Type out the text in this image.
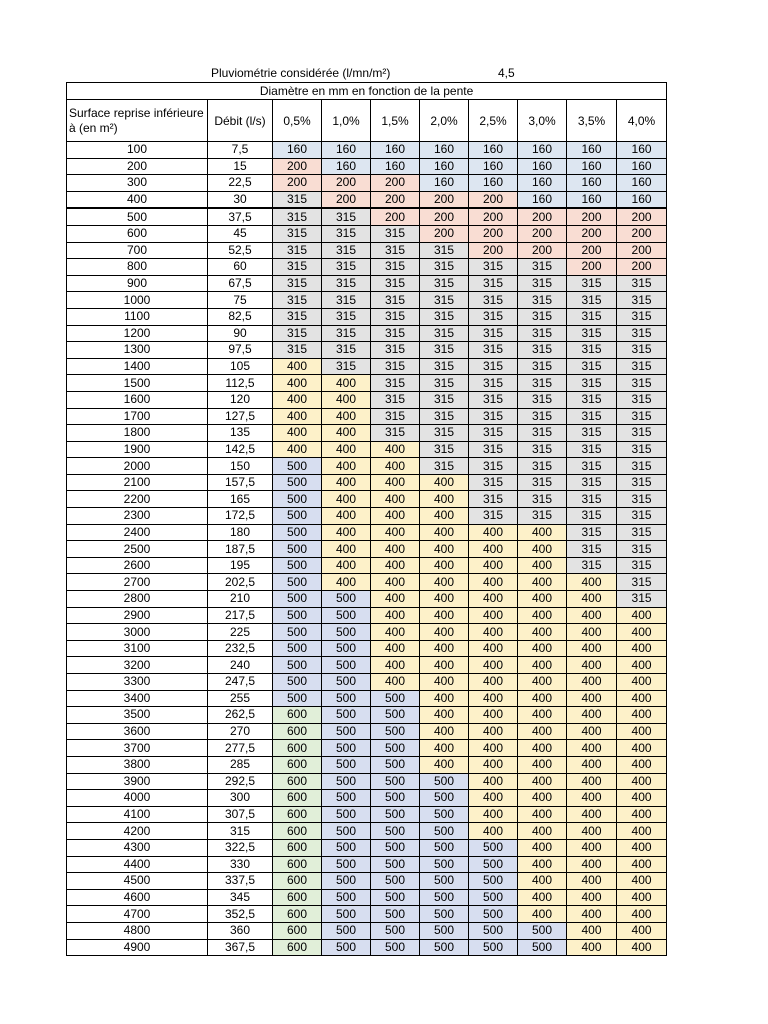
Pluviométrie considérée (l/mn/m²)	4,5
Diamètre en mm en fonction de la pente									
Surface reprise inférieure à (en m²)	Débit (l/s)	0,5%	1,0%	1,5%	2,0%	2,5%	3,0%	3,5%	4,0%
100	7,5	160	160	160	160	160	160	160	160
200	15	200	160	160	160	160	160	160	160
300	22,5	200	200	200	160	160	160	160	160
400	30	315	200	200	200	200	160	160	160
500	37,5	315	315	200	200	200	200	200	200
600	45	315	315	315	200	200	200	200	200
700	52,5	315	315	315	315	200	200	200	200
800	60	315	315	315	315	315	315	200	200
900	67,5	315	315	315	315	315	315	315	315
1000	75	315	315	315	315	315	315	315	315
1100	82,5	315	315	315	315	315	315	315	315
1200	90	315	315	315	315	315	315	315	315
1300	97,5	315	315	315	315	315	315	315	315
1400	105	400	315	315	315	315	315	315	315
1500	112,5	400	400	315	315	315	315	315	315
1600	120	400	400	315	315	315	315	315	315
1700	127,5	400	400	315	315	315	315	315	315
1800	135	400	400	315	315	315	315	315	315
1900	142,5	400	400	400	315	315	315	315	315
2000	150	500	400	400	315	315	315	315	315
2100	157,5	500	400	400	400	315	315	315	315
2200	165	500	400	400	400	315	315	315	315
2300	172,5	500	400	400	400	315	315	315	315
2400	180	500	400	400	400	400	400	315	315
2500	187,5	500	400	400	400	400	400	315	315
2600	195	500	400	400	400	400	400	315	315
2700	202,5	500	400	400	400	400	400	400	315
2800	210	500	500	400	400	400	400	400	315
2900	217,5	500	500	400	400	400	400	400	400
3000	225	500	500	400	400	400	400	400	400
3100	232,5	500	500	400	400	400	400	400	400
3200	240	500	500	400	400	400	400	400	400
3300	247,5	500	500	400	400	400	400	400	400
3400	255	500	500	500	400	400	400	400	400
3500	262,5	600	500	500	400	400	400	400	400
3600	270	600	500	500	400	400	400	400	400
3700	277,5	600	500	500	400	400	400	400	400
3800	285	600	500	500	400	400	400	400	400
3900	292,5	600	500	500	500	400	400	400	400
4000	300	600	500	500	500	400	400	400	400
4100	307,5	600	500	500	500	400	400	400	400
4200	315	600	500	500	500	400	400	400	400
4300	322,5	600	500	500	500	500	400	400	400
4400	330	600	500	500	500	500	400	400	400
4500	337,5	600	500	500	500	500	400	400	400
4600	345	600	500	500	500	500	400	400	400
4700	352,5	600	500	500	500	500	400	400	400
4800	360	600	500	500	500	500	500	400	400
4900	367,5	600	500	500	500	500	500	400	400
